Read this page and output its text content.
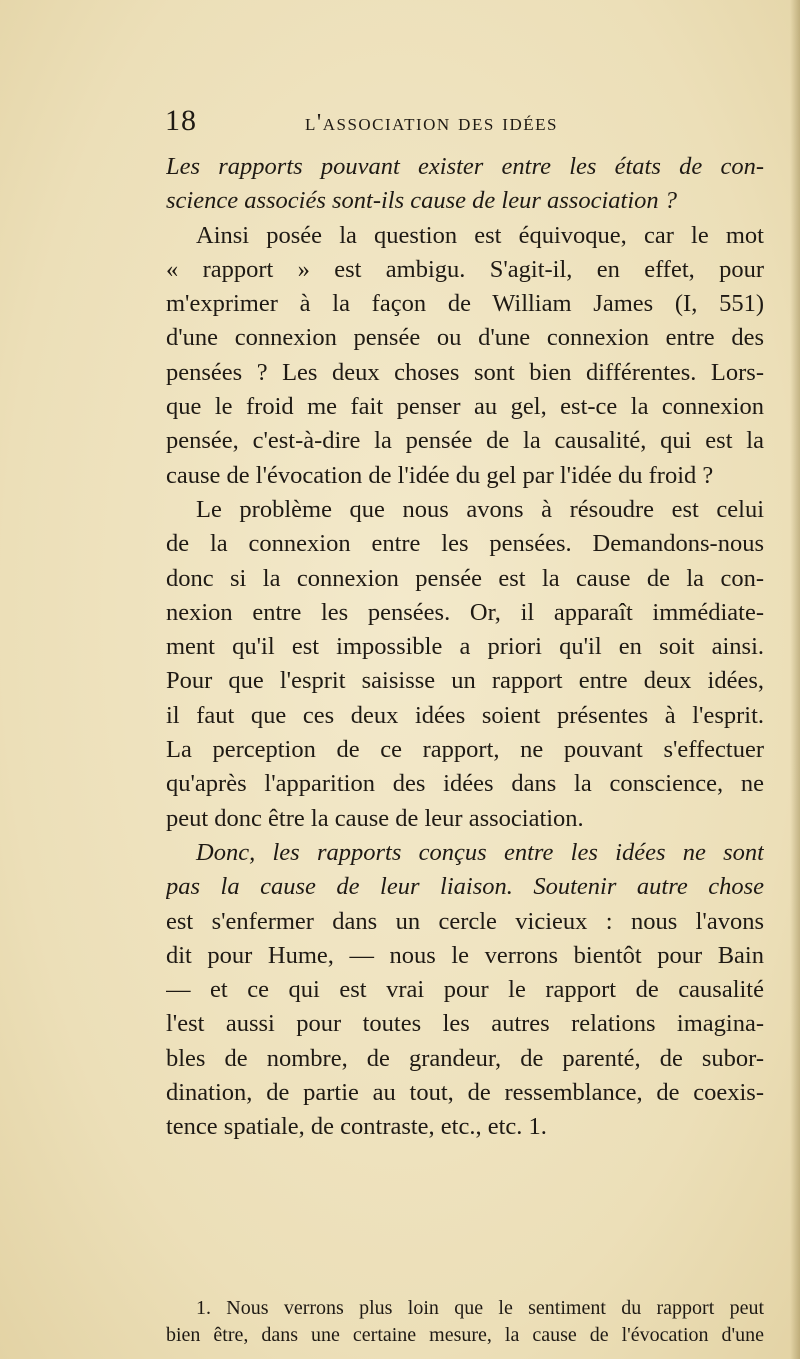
18	l'association des idées
Les rapports pouvant exister entre les états de con-
science associés sont-ils cause de leur association ?
Ainsi posée la question est équivoque, car le mot
« rapport » est ambigu. S'agit-il, en effet, pour
m'exprimer à la façon de William James (I, 551)
d'une connexion pensée ou d'une connexion entre des
pensées ? Les deux choses sont bien différentes. Lors-
que le froid me fait penser au gel, est-ce la connexion
pensée, c'est-à-dire la pensée de la causalité, qui est la
cause de l'évocation de l'idée du gel par l'idée du froid ?
Le problème que nous avons à résoudre est celui
de la connexion entre les pensées. Demandons-nous
donc si la connexion pensée est la cause de la con-
nexion entre les pensées. Or, il apparaît immédiate-
ment qu'il est impossible a priori qu'il en soit ainsi.
Pour que l'esprit saisisse un rapport entre deux idées,
il faut que ces deux idées soient présentes à l'esprit.
La perception de ce rapport, ne pouvant s'effectuer
qu'après l'apparition des idées dans la conscience, ne
peut donc être la cause de leur association.
Donc, les rapports conçus entre les idées ne sont
pas la cause de leur liaison. Soutenir autre chose
est s'enfermer dans un cercle vicieux : nous l'avons
dit pour Hume, — nous le verrons bientôt pour Bain
— et ce qui est vrai pour le rapport de causalité
l'est aussi pour toutes les autres relations imagina-
bles de nombre, de grandeur, de parenté, de subor-
dination, de partie au tout, de ressemblance, de coexis-
tence spatiale, de contraste, etc., etc. 1.
1. Nous verrons plus loin que le sentiment du rapport peut
bien être, dans une certaine mesure, la cause de l'évocation d'une
